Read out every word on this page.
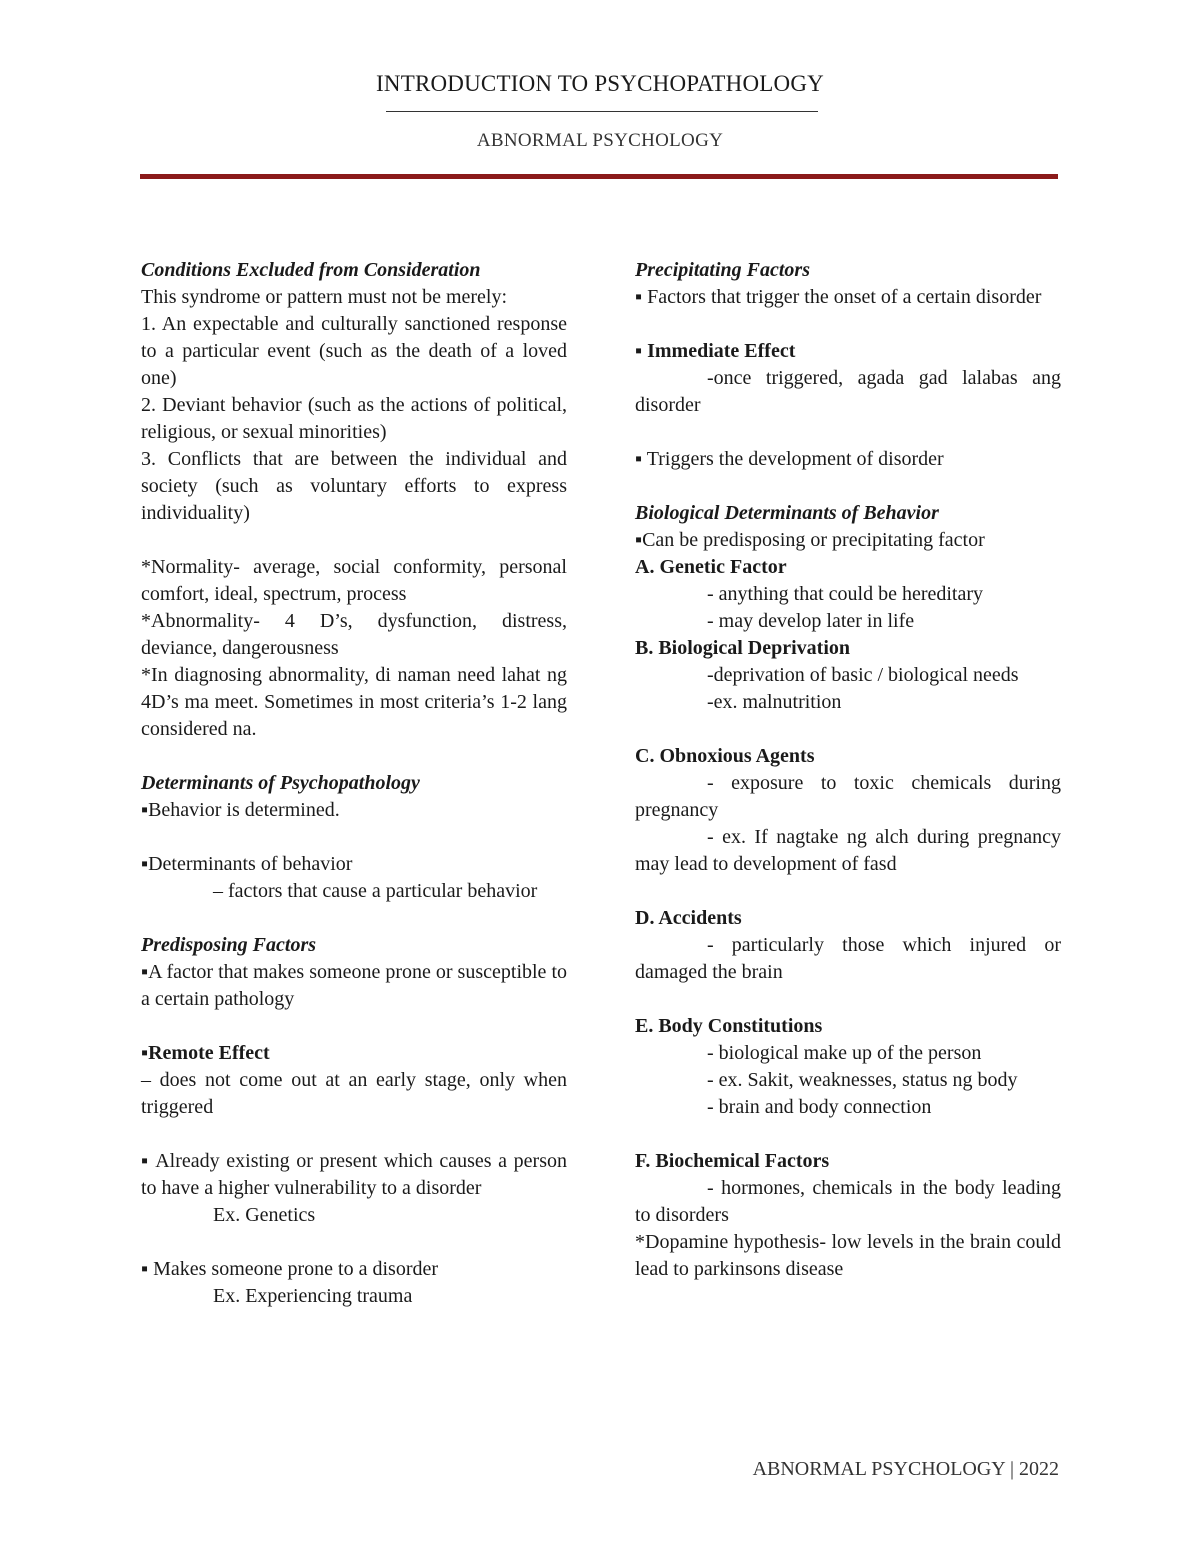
INTRODUCTION TO PSYCHOPATHOLOGY
ABNORMAL PSYCHOLOGY

Conditions Excluded from Consideration

This syndrome or pattern must not be merely:

1. An expectable and culturally sanctioned response to a particular event (such as the death of a loved one)

2. Deviant behavior (such as the actions of political, religious, or sexual minorities)

3. Conflicts that are between the individual and society (such as voluntary efforts to express individuality)

*Normality- average, social conformity, personal comfort, ideal, spectrum, process

*Abnormality- 4 D’s, dysfunction, distress, deviance, dangerousness

*In diagnosing abnormality, di naman need lahat ng 4D’s ma meet. Sometimes in most criteria’s 1-2 lang considered na.

Determinants of Psychopathology

▪Behavior is determined.

▪Determinants of behavior

– factors that cause a particular behavior

Predisposing Factors

▪A factor that makes someone prone or susceptible to a certain pathology

▪Remote Effect

– does not come out at an early stage, only when triggered

▪ Already existing or present which causes a person to have a higher vulnerability to a disorder

Ex. Genetics

▪ Makes someone prone to a disorder

Ex. Experiencing trauma

Precipitating Factors

▪ Factors that trigger the onset of a certain disorder

▪ Immediate Effect

-once triggered, agada gad lalabas ang disorder

▪ Triggers the development of disorder

Biological Determinants of Behavior

▪Can be predisposing or precipitating factor

A. Genetic Factor

- anything that could be hereditary

- may develop later in life

B. Biological Deprivation

-deprivation of basic / biological needs

-ex. malnutrition

C. Obnoxious Agents

- exposure to toxic chemicals during pregnancy

- ex. If nagtake ng alch during pregnancy may lead to development of fasd

D. Accidents

- particularly those which injured or damaged the brain

E. Body Constitutions

- biological make up of the person

- ex. Sakit, weaknesses, status ng body

- brain and body connection

F. Biochemical Factors

- hormones, chemicals in the body leading to disorders

*Dopamine hypothesis- low levels in the brain could lead to parkinsons disease

ABNORMAL PSYCHOLOGY | 2022
